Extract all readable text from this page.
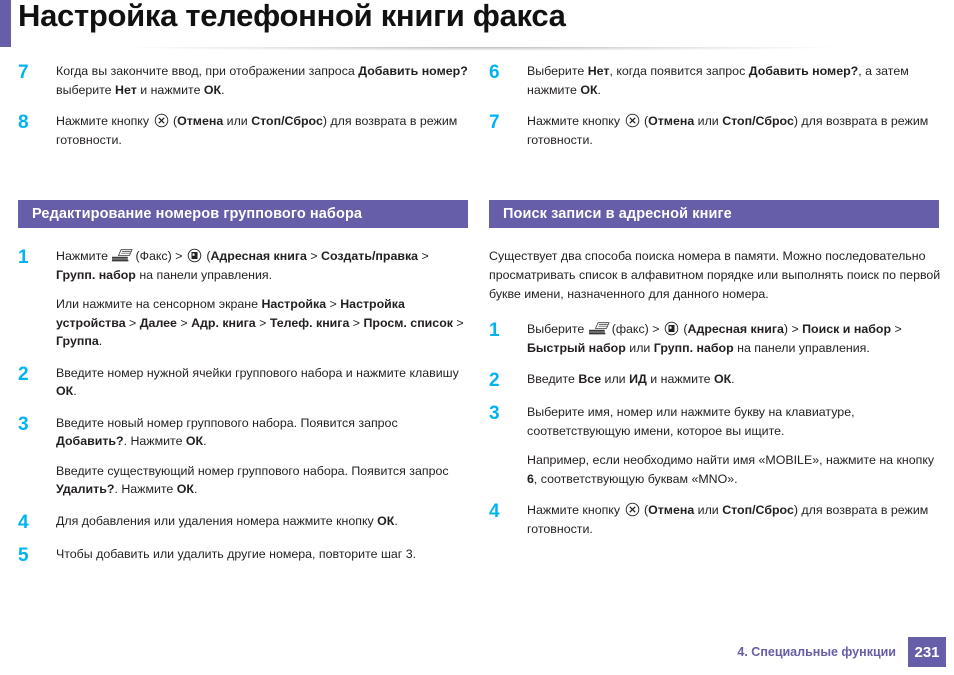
Настройка телефонной книги факса
7	Когда вы закончите ввод, при отображении запроса Добавить номер? выберите Нет и нажмите ОК.

8	Нажмите кнопку  (Отмена или Стоп/Сброс) для возврата в режим готовности.

Редактирование номеров группового набора
1	Нажмите (Факс) >  (Адресная книга > Создать/правка > Групп. набор на панели управления.

Или нажмите на сенсорном экране Настройка > Настройка устройства > Далее > Адр. книга > Телеф. книга > Просм. список > Группа.

2	Введите номер нужной ячейки группового набора и нажмите клавишу ОК.

3	Введите новый номер группового набора. Появится запрос Добавить?. Нажмите ОК.

Введите существующий номер группового набора. Появится запрос Удалить?. Нажмите ОК.

4	Для добавления или удаления номера нажмите кнопку ОК.

5	Чтобы добавить или удалить другие номера, повторите шаг 3.

6	Выберите Нет, когда появится запрос Добавить номер?, а затем нажмите ОК.

7	Нажмите кнопку  (Отмена или Стоп/Сброс) для возврата в режим готовности.

Поиск записи в адресной книге

Существует два способа поиска номера в памяти. Можно последовательно просматривать список в алфавитном порядке или выполнять поиск по первой букве имени, назначенного для данного номера.

1	Выберите (факс) >  (Адресная книга) > Поиск и набор > Быстрый набор или Групп. набор на панели управления.

2	Введите Все или ИД и нажмите ОК.

3	Выберите имя, номер или нажмите букву на клавиатуре, соответствующую имени, которое вы ищите.

Например, если необходимо найти имя «MOBILE», нажмите на кнопку 6, соответствующую буквам «MNO».

4	Нажмите кнопку  (Отмена или Стоп/Сброс) для возврата в режим готовности.

4. Специальные функции	231
